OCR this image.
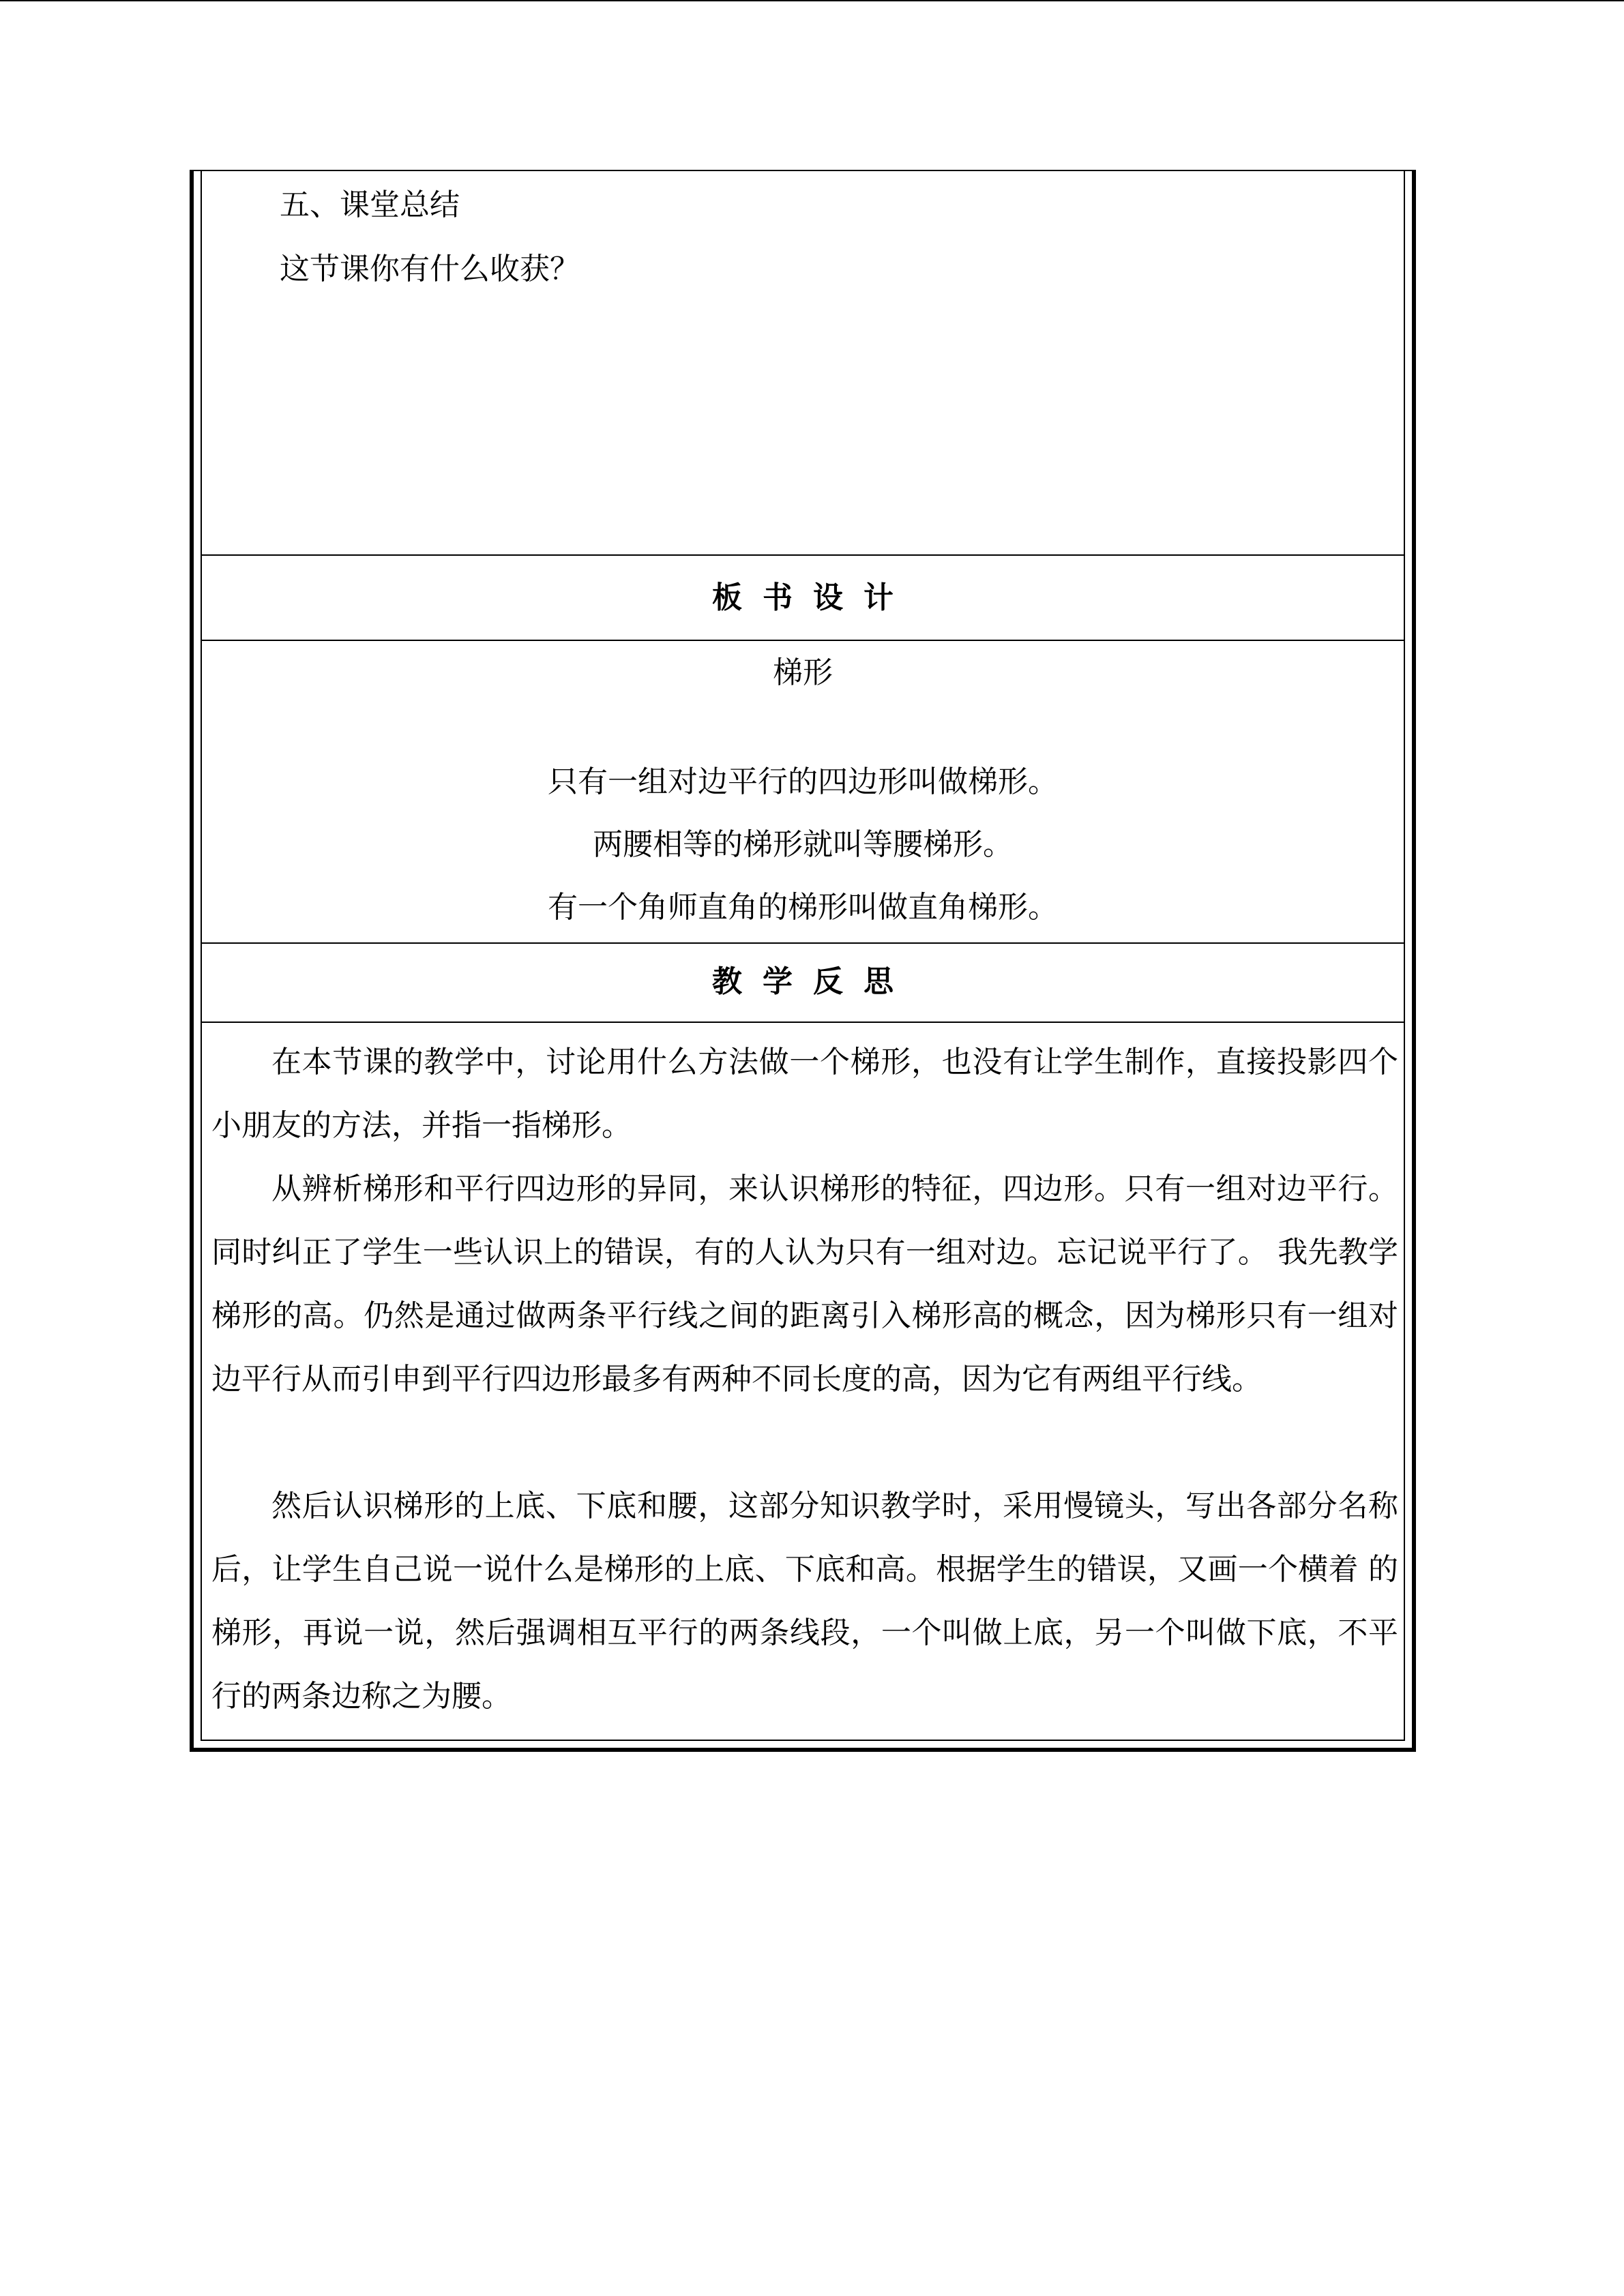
五、课堂总结
这节课你有什么收获？
板书设计
梯形
只有一组对边平行的四边形叫做梯形。
两腰相等的梯形就叫等腰梯形。
有一个角师直角的梯形叫做直角梯形。
教学反思
在本节课的教学中，讨论用什么方法做一个梯形，也没有让学生制作，直接投影四个小朋友的方法，并指一指梯形。
从辨析梯形和平行四边形的异同，来认识梯形的特征，四边形。只有一组对边平行。同时纠正了学生一些认识上的错误，有的人认为只有一组对边。忘记说平行了。 我先教学梯形的高。仍然是通过做两条平行线之间的距离引入梯形高的概念，因为梯形只有一组对边平行从而引申到平行四边形最多有两种不同长度的高，因为它有两组平行线。
然后认识梯形的上底、下底和腰，这部分知识教学时，采用慢镜头，写出各部分名称后，让学生自己说一说什么是梯形的上底、下底和高。根据学生的错误，又画一个横着 的梯形，再说一说，然后强调相互平行的两条线段，一个叫做上底，另一个叫做下底，不平行的两条边称之为腰。
